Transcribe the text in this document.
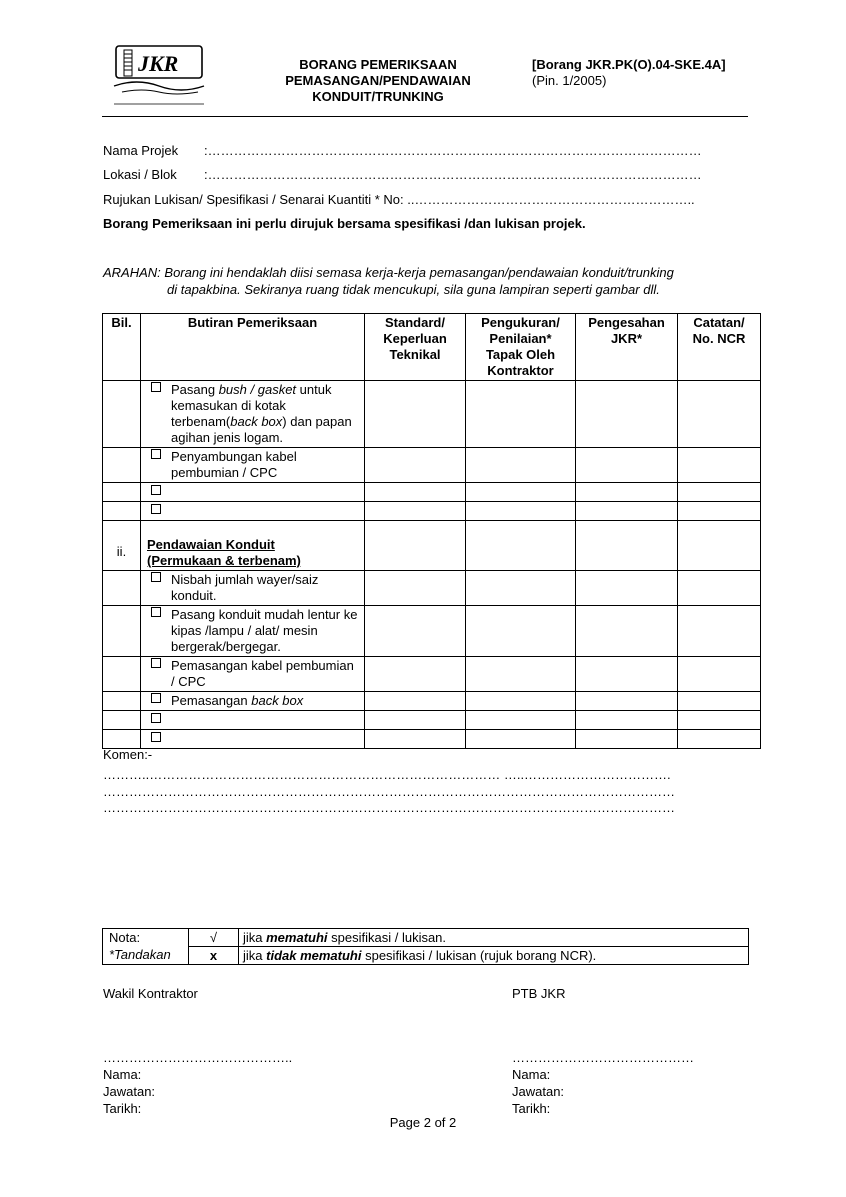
JKR	BORANG PEMERIKSAAN
PEMASANGAN/PENDAWAIAN
KONDUIT/TRUNKING
[Borang JKR.PK(O).04-SKE.4A]
(Pin. 1/2005)
Nama Projek :……………………………………………………………………………………………………
Lokasi / Blok :……………………………………………………………………………………………………
Rujukan Lukisan/ Spesifikasi / Senarai Kuantiti * No: ..………………………………………………………..
Borang Pemeriksaan ini perlu dirujuk bersama spesifikasi /dan lukisan projek.
ARAHAN: Borang ini hendaklah diisi semasa kerja-kerja pemasangan/pendawaian konduit/trunking
di tapakbina. Sekiranya ruang tidak mencukupi, sila guna lampiran seperti gambar dll.
Bil.	Butiran Pemeriksaan	Standard/ Keperluan Teknikal	Pengukuran/ Penilaian* Tapak Oleh Kontraktor	Pengesahan JKR*	Catatan/ No. NCR

	Pasang bush / gasket untuk kemasukan di kotak terbenam(back box) dan papan agihan jenis logam.				

	Penyambungan kabel pembumian / CPC				

ii.	Pendawaian Konduit
(Permukaan & terbenam)				

	Nisbah jumlah wayer/saiz konduit.				

	Pasang konduit mudah lentur ke kipas /lampu / alat/ mesin bergerak/bergegar.				

	Pemasangan kabel pembumian / CPC				

	Pemasangan back box				

Komen:-
………..……………………………………………………………………… …..…………………………….
……………………………………………………………………………………………………………………
……………………………………………………………………………………………………………………
Nota:	√	jika mematuhi spesifikasi / lukisan.
*Tandakan	x	jika tidak mematuhi spesifikasi / lukisan (rujuk borang NCR).
Wakil Kontraktor	PTB JKR
……………………………………..
Nama:
Jawatan:
Tarikh:
……………………………………
Nama:
Jawatan:
Tarikh:
Page 2 of 2
